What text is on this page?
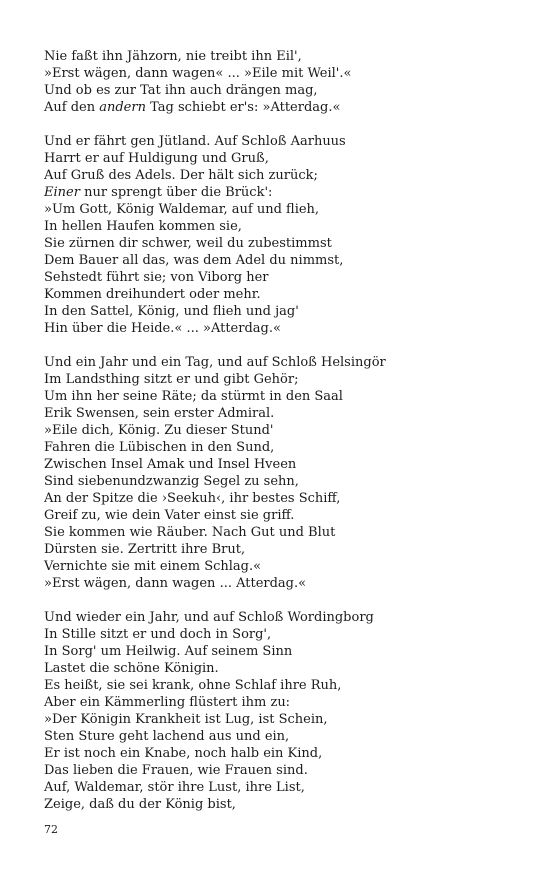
Nie faßt ihn Jähzorn, nie treibt ihn Eil',
»Erst wägen, dann wagen« ... »Eile mit Weil'.«
Und ob es zur Tat ihn auch drängen mag,
Auf den andern Tag schiebt er's: »Atterdag.«
Und er fährt gen Jütland. Auf Schloß Aarhuus
Harrt er auf Huldigung und Gruß,
Auf Gruß des Adels. Der hält sich zurück;
Einer nur sprengt über die Brück':
»Um Gott, König Waldemar, auf und flieh,
In hellen Haufen kommen sie,
Sie zürnen dir schwer, weil du zubestimmst
Dem Bauer all das, was dem Adel du nimmst,
Sehstedt führt sie; von Viborg her
Kommen dreihundert oder mehr.
In den Sattel, König, und flieh und jag'
Hin über die Heide.« ... »Atterdag.«
Und ein Jahr und ein Tag, und auf Schloß Helsingör
Im Landsthing sitzt er und gibt Gehör;
Um ihn her seine Räte; da stürmt in den Saal
Erik Swensen, sein erster Admiral.
»Eile dich, König. Zu dieser Stund'
Fahren die Lübischen in den Sund,
Zwischen Insel Amak und Insel Hveen
Sind siebenundzwanzig Segel zu sehn,
An der Spitze die ›Seekuh‹, ihr bestes Schiff,
Greif zu, wie dein Vater einst sie griff.
Sie kommen wie Räuber. Nach Gut und Blut
Dürsten sie. Zertritt ihre Brut,
Vernichte sie mit einem Schlag.«
»Erst wägen, dann wagen ... Atterdag.«
Und wieder ein Jahr, und auf Schloß Wordingborg
In Stille sitzt er und doch in Sorg',
In Sorg' um Heilwig. Auf seinem Sinn
Lastet die schöne Königin.
Es heißt, sie sei krank, ohne Schlaf ihre Ruh,
Aber ein Kämmerling flüstert ihm zu:
»Der Königin Krankheit ist Lug, ist Schein,
Sten Sture geht lachend aus und ein,
Er ist noch ein Knabe, noch halb ein Kind,
Das lieben die Frauen, wie Frauen sind.
Auf, Waldemar, stör ihre Lust, ihre List,
Zeige, daß du der König bist,
72
